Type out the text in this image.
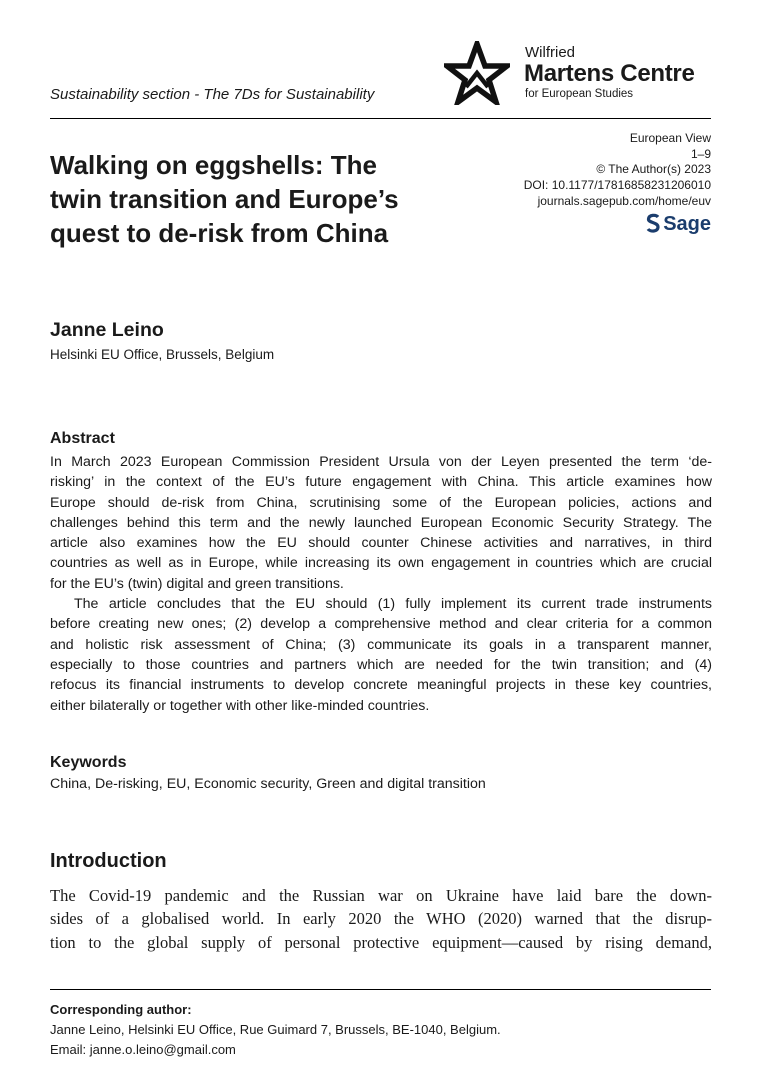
Sustainability section - The 7Ds for Sustainability
Wilfried
Martens Centre
for European Studies
Walking on eggshells: The
twin transition and Europe’s
quest to de-risk from China
European View
1–9
© The Author(s) 2023
DOI: 10.1177/17816858231206010
journals.sagepub.com/home/euv
Sage
Janne Leino
Helsinki EU Office, Brussels, Belgium
Abstract

In March 2023 European Commission President Ursula von der Leyen presented the term ‘de-

risking’ in the context of the EU’s future engagement with China. This article examines how

Europe should de-risk from China, scrutinising some of the European policies, actions and

challenges behind this term and the newly launched European Economic Security Strategy. The

article also examines how the EU should counter Chinese activities and narratives, in third

countries as well as in Europe, while increasing its own engagement in countries which are crucial

for the EU’s (twin) digital and green transitions.

The article concludes that the EU should (1) fully implement its current trade instruments

before creating new ones; (2) develop a comprehensive method and clear criteria for a common

and holistic risk assessment of China; (3) communicate its goals in a transparent manner,

especially to those countries and partners which are needed for the twin transition; and (4)

refocus its financial instruments to develop concrete meaningful projects in these key countries,

either bilaterally or together with other like-minded countries.

Keywords
China, De-risking, EU, Economic security, Green and digital transition
Introduction

The Covid-19 pandemic and the Russian war on Ukraine have laid bare the down-

sides of a globalised world. In early 2020 the WHO (2020) warned that the disrup-

tion to the global supply of personal protective equipment—caused by rising demand,

Corresponding author:
Janne Leino, Helsinki EU Office, Rue Guimard 7, Brussels, BE-1040, Belgium.
Email: janne.o.leino@gmail.com
